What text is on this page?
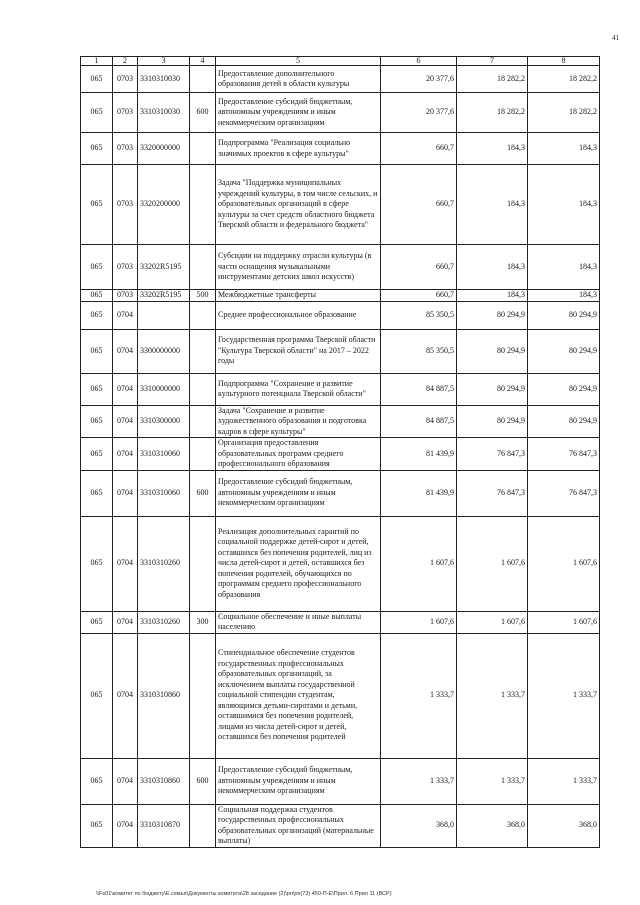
41
1	2	3	4	5	6	7	8
065	0703	3310310030		Предоставление дополнительного образования детей в области культуры	20 377,6	18 282,2	18 282,2
065	0703	3310310030	600	Предоставление субсидий бюджетным, автономным учреждениям и иным некоммерческим организациям	20 377,6	18 282,2	18 282,2
065	0703	3320000000		Подпрограмма "Реализация социально значимых проектов в сфере культуры"	660,7	184,3	184,3
065	0703	3320200000		Задача "Поддержка муниципальных учреждений культуры, в том числе сельских, и образовательных организаций в сфере культуры за счет средств областного бюджета Тверской области и федерального бюджета"	660,7	184,3	184,3
065	0703	33202R5195		Субсидии на поддержку отрасли культуры (в части оснащения музыкальными инструментами детских школ искусств)	660,7	184,3	184,3
065	0703	33202R5195	500	Межбюджетные трансферты	660,7	184,3	184,3
065	0704			Среднее профессиональное образование	85 350,5	80 294,9	80 294,9
065	0704	3300000000		Государственная программа Тверской области "Культура Тверской области" на 2017 – 2022 годы	85 350,5	80 294,9	80 294,9
065	0704	3310000000		Подпрограмма "Сохранение и развитие культурного потенциала Тверской области"	84 887,5	80 294,9	80 294,9
065	0704	3310300000		Задача "Сохранение и развитие художественного образования и подготовка кадров в сфере культуры"	84 887,5	80 294,9	80 294,9
065	0704	3310310060		Организация предоставления образовательных программ среднего профессионального образования	81 439,9	76 847,3	76 847,3
065	0704	3310310060	600	Предоставление субсидий бюджетным, автономным учреждениям и иным некоммерческим организациям	81 439,9	76 847,3	76 847,3
065	0704	3310310260		Реализация дополнительных гарантий по социальной поддержке детей-сирот и детей, оставшихся без попечения родителей, лиц из числа детей-сирот и детей, оставшихся без попечения родителей, обучающихся по программам среднего профессионального образования	1 607,6	1 607,6	1 607,6
065	0704	3310310260	300	Социальное обеспечение и иные выплаты населению	1 607,6	1 607,6	1 607,6
065	0704	3310310860		Стипендиальное обеспечение студентов государственных профессиональных образовательных организаций, за исключением выплаты государственной социальной стипендии студентам, являющимся детьми-сиротами и детьми, оставшимися без попечения родителей, лицами из числа детей-сирот и детей, оставшихся без попечения родителей	1 333,7	1 333,7	1 333,7
065	0704	3310310860	600	Предоставление субсидий бюджетным, автономным учреждениям и иным некоммерческим организациям	1 333,7	1 333,7	1 333,7
065	0704	3310310870		Социальная поддержка студентов государственных профессиональных образовательных организаций (материальные выплаты)	368,0	368,0	368,0
\\Fs01\комитет по бюджету\Е.семья\Документы комитета\28 заседание (2)\рп\рп(73) 450-П-Е\Прил. 6 Прил 11 (ВСР)
